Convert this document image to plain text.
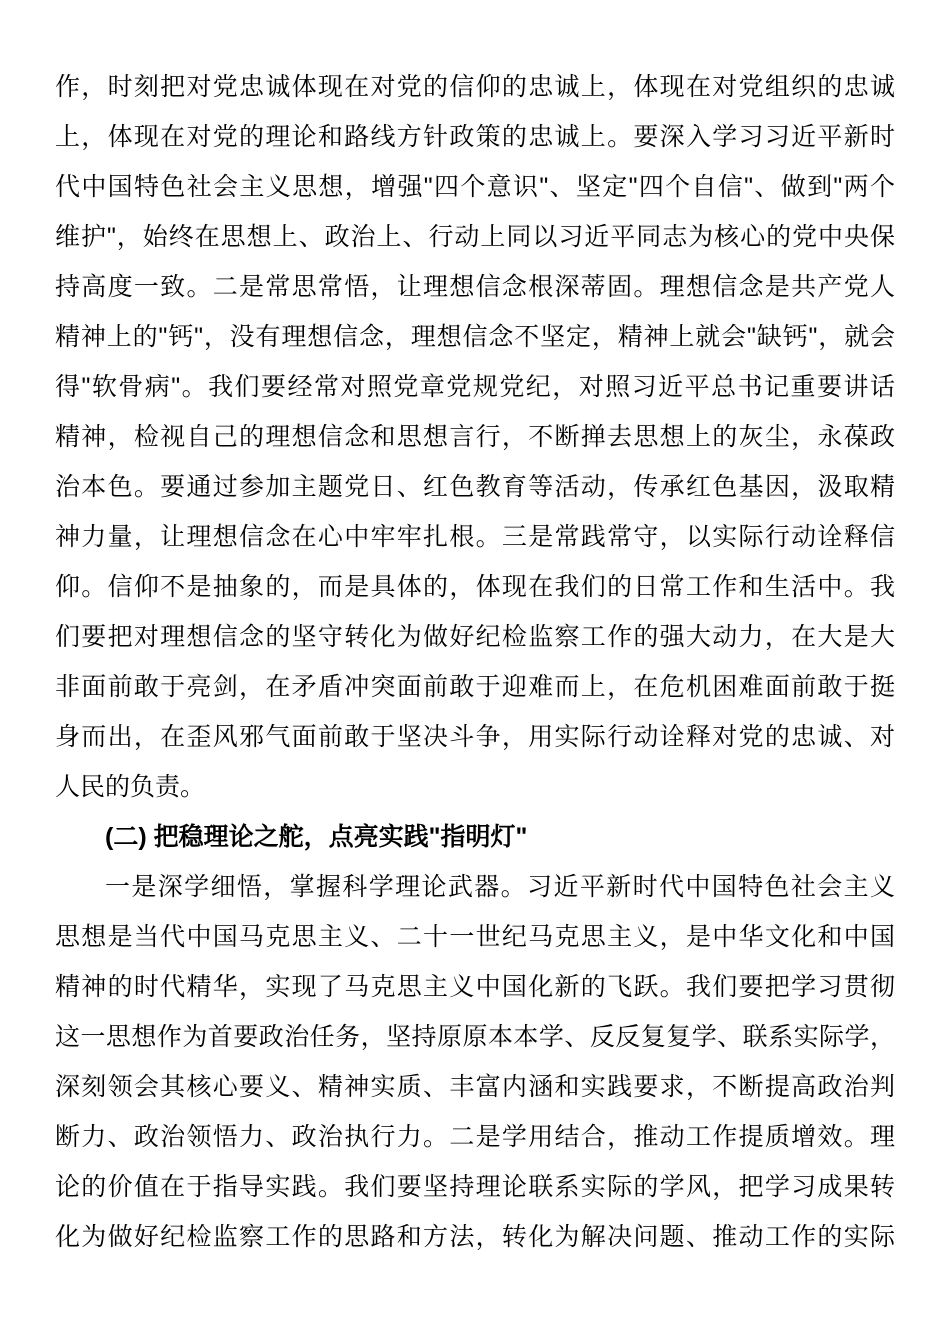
作，时刻把对党忠诚体现在对党的信仰的忠诚上，体现在对党组织的忠诚
上，体现在对党的理论和路线方针政策的忠诚上。要深入学习习近平新时
代中国特色社会主义思想，增强"四个意识"、坚定"四个自信"、做到"两个
维护"，始终在思想上、政治上、行动上同以习近平同志为核心的党中央保
持高度一致。二是常思常悟，让理想信念根深蒂固。理想信念是共产党人
精神上的"钙"，没有理想信念，理想信念不坚定，精神上就会"缺钙"，就会
得"软骨病"。我们要经常对照党章党规党纪，对照习近平总书记重要讲话
精神，检视自己的理想信念和思想言行，不断掸去思想上的灰尘，永葆政
治本色。要通过参加主题党日、红色教育等活动，传承红色基因，汲取精
神力量，让理想信念在心中牢牢扎根。三是常践常守，以实际行动诠释信
仰。信仰不是抽象的，而是具体的，体现在我们的日常工作和生活中。我
们要把对理想信念的坚守转化为做好纪检监察工作的强大动力，在大是大
非面前敢于亮剑，在矛盾冲突面前敢于迎难而上，在危机困难面前敢于挺
身而出，在歪风邪气面前敢于坚决斗争，用实际行动诠释对党的忠诚、对
人民的负责。
(二) 把稳理论之舵，点亮实践"指明灯"
一是深学细悟，掌握科学理论武器。习近平新时代中国特色社会主义
思想是当代中国马克思主义、二十一世纪马克思主义，是中华文化和中国
精神的时代精华，实现了马克思主义中国化新的飞跃。我们要把学习贯彻
这一思想作为首要政治任务，坚持原原本本学、反反复复学、联系实际学，
深刻领会其核心要义、精神实质、丰富内涵和实践要求，不断提高政治判
断力、政治领悟力、政治执行力。二是学用结合，推动工作提质增效。理
论的价值在于指导实践。我们要坚持理论联系实际的学风，把学习成果转
化为做好纪检监察工作的思路和方法，转化为解决问题、推动工作的实际
